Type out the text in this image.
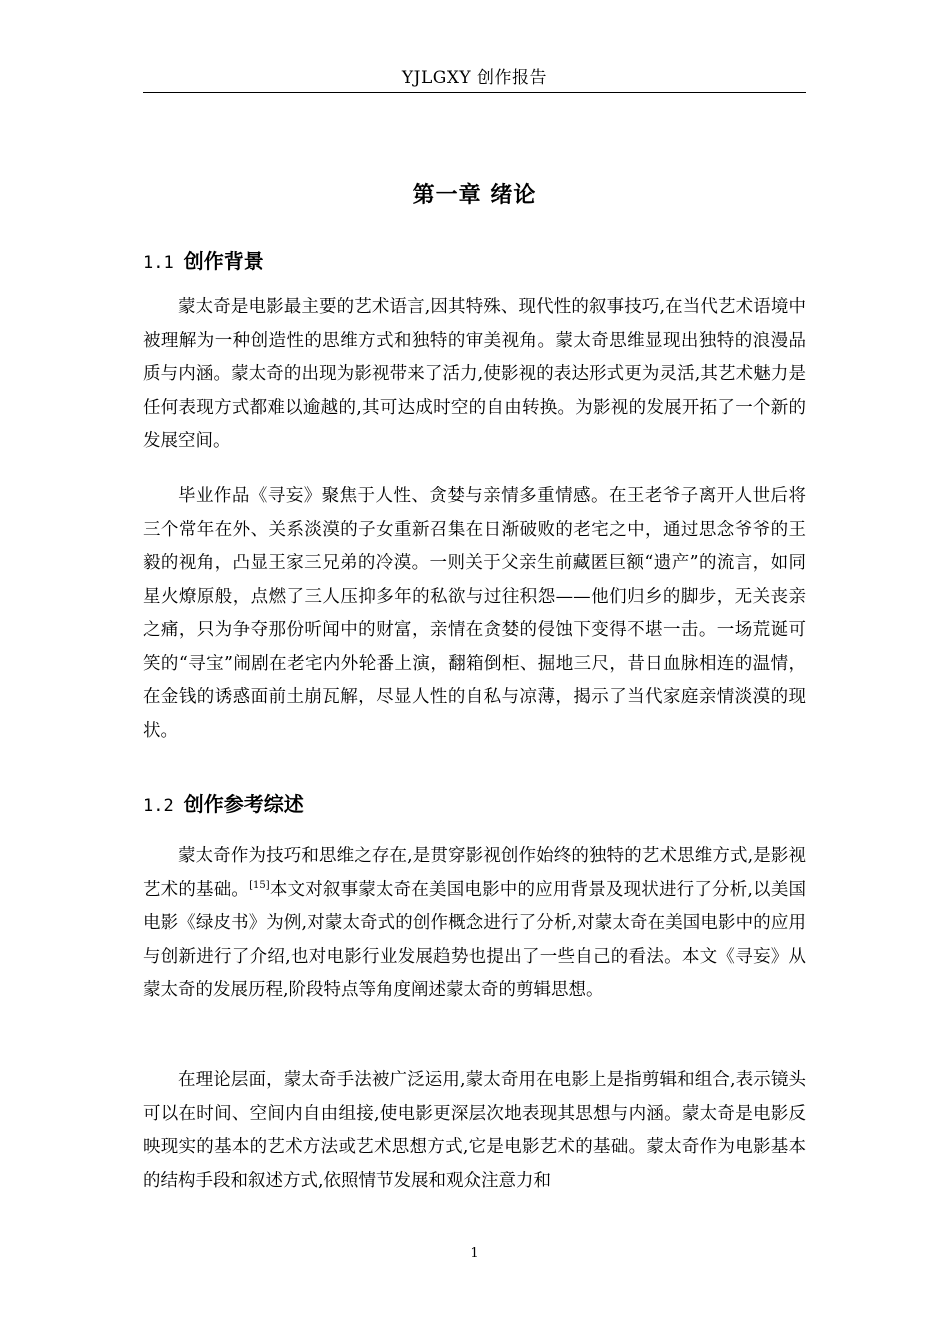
YJLGXY 创作报告
第一章 绪论
1.1 创作背景

蒙太奇是电影最主要的艺术语言,因其特殊、现代性的叙事技巧,在当代艺术语境中被理解为一种创造性的思维方式和独特的审美视角。蒙太奇思维显现出独特的浪漫品质与内涵。蒙太奇的出现为影视带来了活力,使影视的表达形式更为灵活,其艺术魅力是任何表现方式都难以逾越的,其可达成时空的自由转换。为影视的发展开拓了一个新的发展空间。

毕业作品《寻妄》聚焦于人性、贪婪与亲情多重情感。在王老爷子离开人世后将三个常年在外、关系淡漠的子女重新召集在日渐破败的老宅之中，通过思念爷爷的王毅的视角，凸显王家三兄弟的冷漠。一则关于父亲生前藏匿巨额“遗产”的流言，如同星火燎原般，点燃了三人压抑多年的私欲与过往积怨——他们归乡的脚步，无关丧亲之痛，只为争夺那份听闻中的财富，亲情在贪婪的侵蚀下变得不堪一击。一场荒诞可笑的“寻宝”闹剧在老宅内外轮番上演，翻箱倒柜、掘地三尺，昔日血脉相连的温情，在金钱的诱惑面前土崩瓦解，尽显人性的自私与凉薄，揭示了当代家庭亲情淡漠的现状。

1.2 创作参考综述

蒙太奇作为技巧和思维之存在,是贯穿影视创作始终的独特的艺术思维方式,是影视艺术的基础。[15]本文对叙事蒙太奇在美国电影中的应用背景及现状进行了分析,以美国电影《绿皮书》为例,对蒙太奇式的创作概念进行了分析,对蒙太奇在美国电影中的应用与创新进行了介绍,也对电影行业发展趋势也提出了一些自己的看法。本文《寻妄》从蒙太奇的发展历程,阶段特点等角度阐述蒙太奇的剪辑思想。

在理论层面，蒙太奇手法被广泛运用,蒙太奇用在电影上是指剪辑和组合,表示镜头可以在时间、空间内自由组接,使电影更深层次地表现其思想与内涵。蒙太奇是电影反映现实的基本的艺术方法或艺术思想方式,它是电影艺术的基础。蒙太奇作为电影基本的结构手段和叙述方式,依照情节发展和观众注意力和

1
